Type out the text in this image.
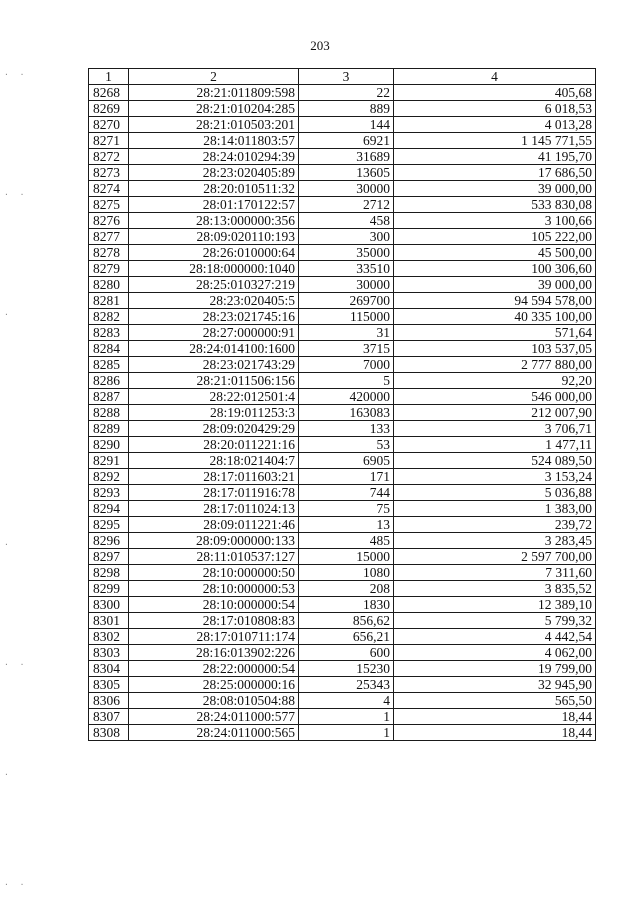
203
· ·
· ·
·
·
· ·
·
· ·
1	2	3	4
8268	28:21:011809:598	22	405,68
8269	28:21:010204:285	889	6 018,53
8270	28:21:010503:201	144	4 013,28
8271	28:14:011803:57	6921	1 145 771,55
8272	28:24:010294:39	31689	41 195,70
8273	28:23:020405:89	13605	17 686,50
8274	28:20:010511:32	30000	39 000,00
8275	28:01:170122:57	2712	533 830,08
8276	28:13:000000:356	458	3 100,66
8277	28:09:020110:193	300	105 222,00
8278	28:26:010000:64	35000	45 500,00
8279	28:18:000000:1040	33510	100 306,60
8280	28:25:010327:219	30000	39 000,00
8281	28:23:020405:5	269700	94 594 578,00
8282	28:23:021745:16	115000	40 335 100,00
8283	28:27:000000:91	31	571,64
8284	28:24:014100:1600	3715	103 537,05
8285	28:23:021743:29	7000	2 777 880,00
8286	28:21:011506:156	5	92,20
8287	28:22:012501:4	420000	546 000,00
8288	28:19:011253:3	163083	212 007,90
8289	28:09:020429:29	133	3 706,71
8290	28:20:011221:16	53	1 477,11
8291	28:18:021404:7	6905	524 089,50
8292	28:17:011603:21	171	3 153,24
8293	28:17:011916:78	744	5 036,88
8294	28:17:011024:13	75	1 383,00
8295	28:09:011221:46	13	239,72
8296	28:09:000000:133	485	3 283,45
8297	28:11:010537:127	15000	2 597 700,00
8298	28:10:000000:50	1080	7 311,60
8299	28:10:000000:53	208	3 835,52
8300	28:10:000000:54	1830	12 389,10
8301	28:17:010808:83	856,62	5 799,32
8302	28:17:010711:174	656,21	4 442,54
8303	28:16:013902:226	600	4 062,00
8304	28:22:000000:54	15230	19 799,00
8305	28:25:000000:16	25343	32 945,90
8306	28:08:010504:88	4	565,50
8307	28:24:011000:577	1	18,44
8308	28:24:011000:565	1	18,44
